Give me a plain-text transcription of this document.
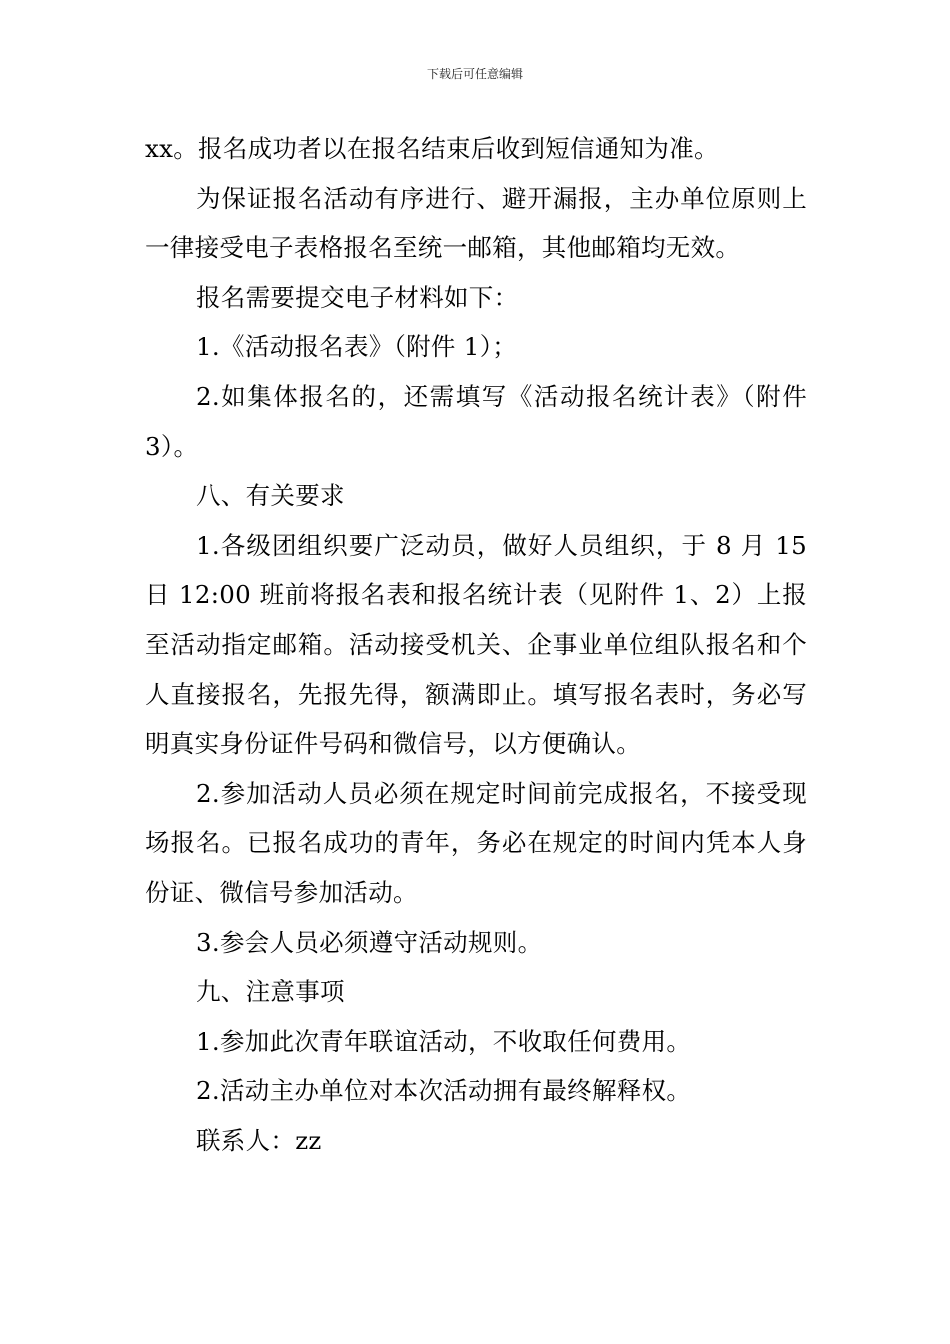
下载后可任意编辑

xx。报名成功者以在报名结束后收到短信通知为准。

为保证报名活动有序进行、避开漏报，主办单位原则上一律接受电子表格报名至统一邮箱，其他邮箱均无效。

报名需要提交电子材料如下：

1.《活动报名表》（附件 1）；

2.如集体报名的，还需填写《活动报名统计表》（附件 3）。

八、有关要求

1.各级团组织要广泛动员，做好人员组织，于 8 月 15 日 12:00 班前将报名表和报名统计表（见附件 1、2）上报至活动指定邮箱。活动接受机关、企事业单位组队报名和个人直接报名，先报先得，额满即止。填写报名表时，务必写明真实身份证件号码和微信号，以方便确认。

2.参加活动人员必须在规定时间前完成报名，不接受现场报名。已报名成功的青年，务必在规定的时间内凭本人身份证、微信号参加活动。

3.参会人员必须遵守活动规则。

九、注意事项

1.参加此次青年联谊活动，不收取任何费用。

2.活动主办单位对本次活动拥有最终解释权。

联系人：zz
